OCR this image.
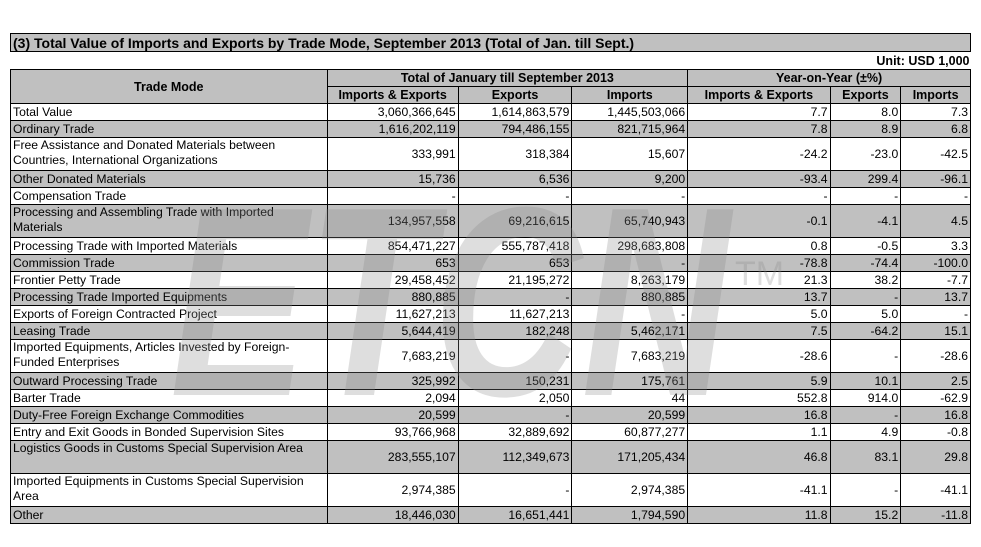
(3) Total Value of Imports and Exports by Trade Mode, September 2013 (Total of Jan. till Sept.)
Unit: USD 1,000						
Trade Mode	Total of January till September 2013			Year-on-Year (±%)		
	Imports & Exports	Exports	Imports	Imports & Exports	Exports	Imports
Total Value	3,060,366,645	1,614,863,579	1,445,503,066	7.7	8.0	7.3
Ordinary Trade	1,616,202,119	794,486,155	821,715,964	7.8	8.9	6.8
Free Assistance and Donated Materials between Countries, International Organizations	333,991	318,384	15,607	-24.2	-23.0	-42.5
Other Donated Materials	15,736	6,536	9,200	-93.4	299.4	-96.1
Compensation Trade	-	-	-	-	-	-
Processing and Assembling Trade with Imported Materials	134,957,558	69,216,615	65,740,943	-0.1	-4.1	4.5
Processing Trade with Imported Materials	854,471,227	555,787,418	298,683,808	0.8	-0.5	3.3
Commission Trade	653	653	-	-78.8	-74.4	-100.0
Frontier Petty Trade	29,458,452	21,195,272	8,263,179	21.3	38.2	-7.7
Processing Trade Imported Equipments	880,885	-	880,885	13.7	-	13.7
Exports of Foreign Contracted Project	11,627,213	11,627,213	-	5.0	5.0	-
Leasing Trade	5,644,419	182,248	5,462,171	7.5	-64.2	15.1
Imported Equipments, Articles Invested by Foreign-Funded Enterprises	7,683,219	-	7,683,219	-28.6	-	-28.6
Outward Processing Trade	325,992	150,231	175,761	5.9	10.1	2.5
Barter Trade	2,094	2,050	44	552.8	914.0	-62.9
Duty-Free Foreign Exchange Commodities	20,599	-	20,599	16.8	-	16.8
Entry and Exit Goods in Bonded Supervision Sites	93,766,968	32,889,692	60,877,277	1.1	4.9	-0.8
Logistics Goods in Customs Special Supervision Area	283,555,107	112,349,673	171,205,434	46.8	83.1	29.8
Imported Equipments in Customs Special Supervision Area	2,974,385	-	2,974,385	-41.1	-	-41.1
Other	18,446,030	16,651,441	1,794,590	11.8	15.2	-11.8
ETCN TM
